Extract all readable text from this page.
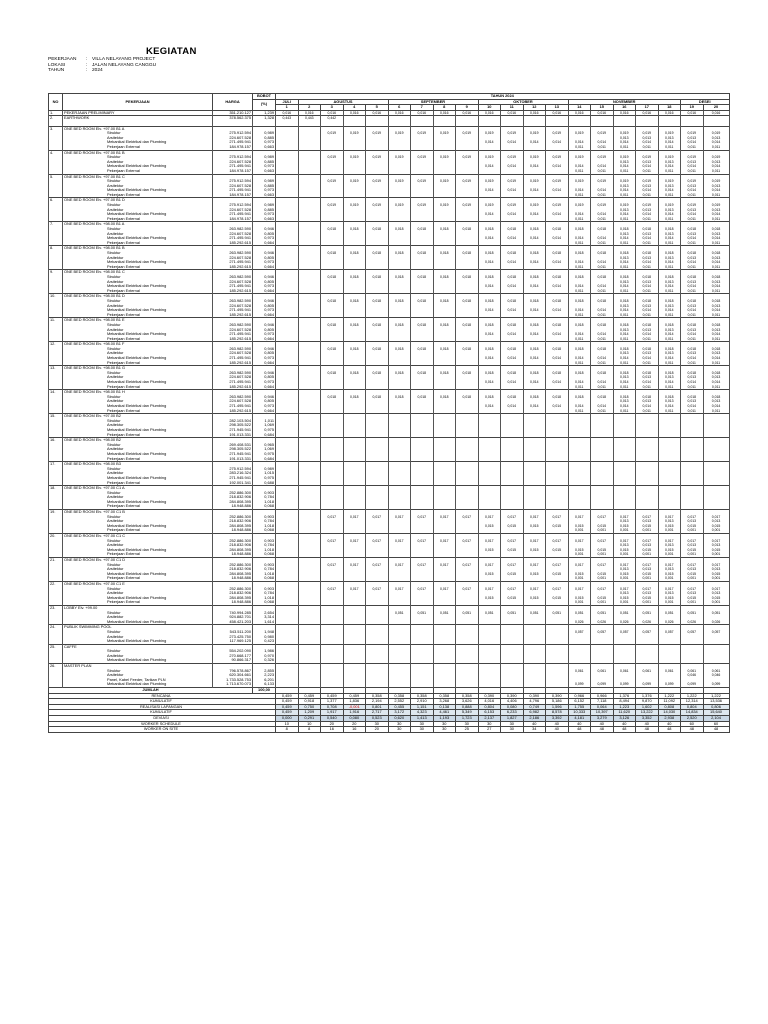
KEGIATAN
PEKERJAAN	: VILLA NELAYANG PROJECT
LOKASI	: JALAN NELAYANG CANGGU
TAHUN	: 2024
NO	PEKERJAAN	HARGA	BOBOT	TAHUN 2024																			
			(%)	JULI	AGUSTUS				SEPTEMBER				OKTOBER				NOVEMBER					DESEI	
				1	2	3	4	5	6	7	8	9	10	11	12	13	14	15	16	17	18	19	20
1.	PEKERJAAN PRELIMINARY	351.210.127	1,239	0,016	0,016	0,016	0,016	0,016	0,016	0,016	0,016	0,016	0,016	0,016	0,016	0,016	0,016	0,016	0,016	0,016	0,016	0,016	0,016
2.	EARTHWORK	378.562.375	1,328	0,443	0,443	0,442																	

3.	ONE BED ROOM Elv. +97.00 B1 A																						
	Struktur	275.912.594	0,989			0,019	0,019	0,019	0,019	0,019	0,019	0,019	0,019	0,019	0,019	0,019	0,019	0,019	0,019	0,019	0,019	0,019	0,019
	Arsitektur	224.607.528	0,885																0,013	0,013	0,013	0,013	0,013
	Mekanikal Elektrikal dan Plumbing	271.495.941	0,973										0,014	0,014	0,014	0,014	0,014	0,014	0,014	0,014	0,014	0,014	0,014
	Pekerjaan External	184.978.157	0,663														0,011	0,011	0,011	0,011	0,011	0,011	0,011
4.	ONE BED ROOM Elv. +97.00 B1 B																						
	Struktur	275.912.594	0,989			0,019	0,019	0,019	0,019	0,019	0,019	0,019	0,019	0,019	0,019	0,019	0,019	0,019	0,019	0,019	0,019	0,019	0,019
	Arsitektur	224.607.528	0,885																0,013	0,013	0,013	0,013	0,013
	Mekanikal Elektrikal dan Plumbing	271.495.941	0,973										0,014	0,014	0,014	0,014	0,014	0,014	0,014	0,014	0,014	0,014	0,014
	Pekerjaan External	184.978.157	0,663														0,011	0,011	0,011	0,011	0,011	0,011	0,011
5.	ONE BED ROOM Elv. +97.00 B1 C																						
	Struktur	275.912.594	0,989			0,019	0,019	0,019	0,019	0,019	0,019	0,019	0,019	0,019	0,019	0,019	0,019	0,019	0,019	0,019	0,019	0,019	0,019
	Arsitektur	224.607.528	0,885																0,013	0,013	0,013	0,013	0,013
	Mekanikal Elektrikal dan Plumbing	271.495.941	0,973										0,014	0,014	0,014	0,014	0,014	0,014	0,014	0,014	0,014	0,014	0,014
	Pekerjaan External	184.978.157	0,663														0,011	0,011	0,011	0,011	0,011	0,011	0,011
6.	ONE BED ROOM Elv. +97.00 B1 D																						
	Struktur	275.912.594	0,989			0,019	0,019	0,019	0,019	0,019	0,019	0,019	0,019	0,019	0,019	0,019	0,019	0,019	0,019	0,019	0,019	0,019	0,019
	Arsitektur	224.607.528	0,885																0,013	0,013	0,013	0,013	0,013
	Mekanikal Elektrikal dan Plumbing	271.495.941	0,973										0,014	0,014	0,014	0,014	0,014	0,014	0,014	0,014	0,014	0,014	0,014
	Pekerjaan External	184.978.157	0,663														0,011	0,011	0,011	0,011	0,011	0,011	0,011
7.	ONE BED ROOM Elv. +98.00 B1 A																						
	Struktur	263.982.590	0,946			0,018	0,018	0,018	0,018	0,018	0,018	0,018	0,018	0,018	0,018	0,018	0,018	0,018	0,018	0,018	0,018	0,018	0,018
	Arsitektur	224.607.528	0,805																0,013	0,013	0,013	0,013	0,013
	Mekanikal Elektrikal dan Plumbing	271.495.941	0,973										0,014	0,014	0,014	0,014	0,014	0,014	0,014	0,014	0,014	0,014	0,014
	Pekerjaan External	185.292.615	0,664														0,011	0,011	0,011	0,011	0,011	0,011	0,011
8.	ONE BED ROOM Elv. +98.00 B1 B																						
	Struktur	263.982.590	0,946			0,018	0,018	0,018	0,018	0,018	0,018	0,018	0,018	0,018	0,018	0,018	0,018	0,018	0,018	0,018	0,018	0,018	0,018
	Arsitektur	224.607.528	0,805																0,013	0,013	0,013	0,013	0,013
	Mekanikal Elektrikal dan Plumbing	271.495.941	0,973										0,014	0,014	0,014	0,014	0,014	0,014	0,014	0,014	0,014	0,014	0,014
	Pekerjaan External	185.292.615	0,664														0,011	0,011	0,011	0,011	0,011	0,011	0,011
9.	ONE BED ROOM Elv. +98.00 B1 C																						
	Struktur	263.982.590	0,946			0,018	0,018	0,018	0,018	0,018	0,018	0,018	0,018	0,018	0,018	0,018	0,018	0,018	0,018	0,018	0,018	0,018	0,018
	Arsitektur	224.607.528	0,805																0,013	0,013	0,013	0,013	0,013
	Mekanikal Elektrikal dan Plumbing	271.495.941	0,973										0,014	0,014	0,014	0,014	0,014	0,014	0,014	0,014	0,014	0,014	0,014
	Pekerjaan External	185.292.615	0,664														0,011	0,011	0,011	0,011	0,011	0,011	0,011
10.	ONE BED ROOM Elv. +98.00 B1 D																						
	Struktur	263.982.590	0,946			0,018	0,018	0,018	0,018	0,018	0,018	0,018	0,018	0,018	0,018	0,018	0,018	0,018	0,018	0,018	0,018	0,018	0,018
	Arsitektur	224.607.528	0,805																0,013	0,013	0,013	0,013	0,013
	Mekanikal Elektrikal dan Plumbing	271.495.941	0,973										0,014	0,014	0,014	0,014	0,014	0,014	0,014	0,014	0,014	0,014	0,014
	Pekerjaan External	185.292.615	0,664														0,011	0,011	0,011	0,011	0,011	0,011	0,011
11.	ONE BED ROOM Elv. +98.00 B1 E																						
	Struktur	263.982.590	0,946			0,018	0,018	0,018	0,018	0,018	0,018	0,018	0,018	0,018	0,018	0,018	0,018	0,018	0,018	0,018	0,018	0,018	0,018
	Arsitektur	224.607.528	0,805																0,013	0,013	0,013	0,013	0,013
	Mekanikal Elektrikal dan Plumbing	271.495.941	0,973										0,014	0,014	0,014	0,014	0,014	0,014	0,014	0,014	0,014	0,014	0,014
	Pekerjaan External	185.292.615	0,664														0,011	0,011	0,011	0,011	0,011	0,011	0,011
12.	ONE BED ROOM Elv. +98.00 B1 F																						
	Struktur	263.982.590	0,946			0,018	0,018	0,018	0,018	0,018	0,018	0,018	0,018	0,018	0,018	0,018	0,018	0,018	0,018	0,018	0,018	0,018	0,018
	Arsitektur	224.607.528	0,805																0,013	0,013	0,013	0,013	0,013
	Mekanikal Elektrikal dan Plumbing	271.495.941	0,973										0,014	0,014	0,014	0,014	0,014	0,014	0,014	0,014	0,014	0,014	0,014
	Pekerjaan External	185.292.615	0,664														0,011	0,011	0,011	0,011	0,011	0,011	0,011
13.	ONE BED ROOM Elv. +98.00 B1 G																						
	Struktur	263.982.590	0,946			0,018	0,018	0,018	0,018	0,018	0,018	0,018	0,018	0,018	0,018	0,018	0,018	0,018	0,018	0,018	0,018	0,018	0,018
	Arsitektur	224.607.528	0,805																0,013	0,013	0,013	0,013	0,013
	Mekanikal Elektrikal dan Plumbing	271.495.941	0,973										0,014	0,014	0,014	0,014	0,014	0,014	0,014	0,014	0,014	0,014	0,014
	Pekerjaan External	185.292.615	0,664														0,011	0,011	0,011	0,011	0,011	0,011	0,011
14.	ONE BED ROOM Elv. +98.00 B1 H																						
	Struktur	263.982.590	0,946			0,018	0,018	0,018	0,018	0,018	0,018	0,018	0,018	0,018	0,018	0,018	0,018	0,018	0,018	0,018	0,018	0,018	0,018
	Arsitektur	224.607.528	0,805																0,013	0,013	0,013	0,013	0,013
	Mekanikal Elektrikal dan Plumbing	271.495.941	0,973										0,014	0,014	0,014	0,014	0,014	0,014	0,014	0,014	0,014	0,014	0,014
	Pekerjaan External	185.292.615	0,664														0,011	0,011	0,011	0,011	0,011	0,011	0,011
15.	ONE BED ROOM Elv. +97.00 B2																						
	Struktur	282.103.504	1,011																				
	Arsitektur	298.305.522	1,069																				
	Mekanikal Elektrikal dan Plumbing	271.945.941	0,975																				
	Pekerjaan External	191.013.331	0,684																				
16.	ONE BED ROOM Elv. +98.00 B2																						
	Struktur	269.408.531	0,965																				
	Arsitektur	298.305.522	1,069																				
	Mekanikal Elektrikal dan Plumbing	271.945.941	0,975																				
	Pekerjaan External	191.013.331	0,684																				
17.	ONE BED ROOM Elv. +98.00 B3																						
	Struktur	275.912.594	0,989																				
	Arsitektur	283.216.324	1,015																				
	Mekanikal Elektrikal dan Plumbing	271.945.941	0,975																				
	Pekerjaan External	192.001.341	0,688																				
18.	ONE BED ROOM Elv. +97.00 C1 A																						
	Struktur	252.886.300	0,903																				
	Arsitektur	218.832.906	0,784																				
	Mekanikal Elektrikal dan Plumbing	284.808.395	1,018																				
	Pekerjaan External	18.948.886	0,068																				
19.	ONE BED ROOM Elv. +97.00 C1 B																						
	Struktur	252.886.300	0,903			0,017	0,017	0,017	0,017	0,017	0,017	0,017	0,017	0,017	0,017	0,017	0,017	0,017	0,017	0,017	0,017	0,017	0,017
	Arsitektur	218.832.906	0,784																0,013	0,013	0,013	0,013	0,013
	Mekanikal Elektrikal dan Plumbing	284.808.395	1,018										0,015	0,015	0,015	0,015	0,015	0,015	0,015	0,015	0,015	0,015	0,015
	Pekerjaan External	18.948.886	0,068														0,001	0,001	0,001	0,001	0,001	0,001	0,001
20.	ONE BED ROOM Elv. +97.00 C1 C																						
	Struktur	252.886.300	0,903			0,017	0,017	0,017	0,017	0,017	0,017	0,017	0,017	0,017	0,017	0,017	0,017	0,017	0,017	0,017	0,017	0,017	0,017
	Arsitektur	218.832.906	0,784																0,013	0,013	0,013	0,013	0,013
	Mekanikal Elektrikal dan Plumbing	284.808.395	1,018										0,015	0,015	0,015	0,015	0,015	0,015	0,015	0,015	0,015	0,015	0,015
	Pekerjaan External	18.948.886	0,068														0,001	0,001	0,001	0,001	0,001	0,001	0,001
21.	ONE BED ROOM Elv. +97.00 C1 D																						
	Struktur	252.886.300	0,903			0,017	0,017	0,017	0,017	0,017	0,017	0,017	0,017	0,017	0,017	0,017	0,017	0,017	0,017	0,017	0,017	0,017	0,017
	Arsitektur	218.832.906	0,784																0,013	0,013	0,013	0,013	0,013
	Mekanikal Elektrikal dan Plumbing	284.808.395	1,018										0,015	0,015	0,015	0,015	0,015	0,015	0,015	0,015	0,015	0,015	0,015
	Pekerjaan External	18.948.886	0,068														0,001	0,001	0,001	0,001	0,001	0,001	0,001
22.	ONE BED ROOM Elv. +97.00 C1 E																						
	Struktur	252.886.300	0,903			0,017	0,017	0,017	0,017	0,017	0,017	0,017	0,017	0,017	0,017	0,017	0,017	0,017	0,017	0,017	0,017	0,017	0,017
	Arsitektur	218.832.906	0,784																0,013	0,013	0,013	0,013	0,013
	Mekanikal Elektrikal dan Plumbing	284.808.395	1,018										0,015	0,015	0,015	0,015	0,015	0,015	0,015	0,015	0,015	0,015	0,015
	Pekerjaan External	18.948.886	0,068														0,001	0,001	0,001	0,001	0,001	0,001	0,001
23.	LOBBY Elv. +99.00																						
	Struktur	740.994.285	2,654						0,051	0,051	0,051	0,051	0,051	0,051	0,051	0,051	0,051	0,051	0,051	0,051	0,051	0,051	0,051
	Arsitektur	924.882.701	3,314																				
	Mekanikal Elektrikal dan Plumbing	458.421.203	1,614														0,026	0,026	0,026	0,026	0,026	0,026	0,026
24.	PUBLIK SWIMMING POOL																						
	Struktur	543.511.200	1,948														0,057	0,057	0,057	0,057	0,057	0,057	0,057
	Arsitektur	273.425.750	0,980																				
	Mekanikal Elektrikal dan Plumbing	117.969.125	0,423																				
25.	CAFFE																						
	Struktur	554.202.090	1,986																				
	Arsitektur	270.668.177	0,970																				
	Mekanikal Elektrikal dan Plumbing	90.866.317	0,326																				
26.	MASTER PLAN																						
	Struktur	796.578.867	2,855														0,061	0,061	0,061	0,061	0,061	0,061	0,061
	Arsitektur	620.304.661	2,223																			0,046	0,046
	Panel, Kabel Feeder, Tarikan PLN	1.733.528.753	6,201																				
	Mekanikal Elektrikal dan Plumbing	1.713.670.073	6,133														0,099	0,099	0,099	0,099	0,099	0,099	0,099
JUMLAH			100,00																				
RENCANA				0,459	0,459	0,459	0,459	0,358	0,358	0,358	0,358	0,358	0,390	0,390	0,390	0,390	0,966	0,966	1,376	1,376	1,222	1,222	1,222
KUMULATIF				0,459	0,918	1,377	1,836	2,194	2,552	2,910	3,268	3,626	4,016	4,406	4,796	5,186	6,152	7,118	8,494	9,870	11,092	12,314	13,536
REALISASI LAPANGAN				0,459	0,750	0,708	-0,001	0,801	0,455	1,151	0,138	0,888	0,804	0,080	0,749	1,596	1,755	0,064	1,223	1,602	0,808	0,804	0,806
KUMULATIF				0,459	1,209	1,917	1,916	2,717	3,172	4,323	4,461	5,349	6,153	6,233	6,982	8,578	10,333	10,397	11,620	13,222	14,030	14,834	15,640
DEVIASI				0,000	0,291	0,540	0,080	0,523	0,620	1,413	1,193	1,723	2,137	1,827	2,186	3,392	4,181	3,279	3,126	3,352	2,938	2,520	2,104
WORKER SCHEDULE				10	10	20	20	30	30	30	30	30	30	30	40	40	40	40	40	40	40	60	60
WORKER ON SITE				8	8	16	16	20	30	30	30	25	27	30	34	40	48	48	48	48	48	48	48
